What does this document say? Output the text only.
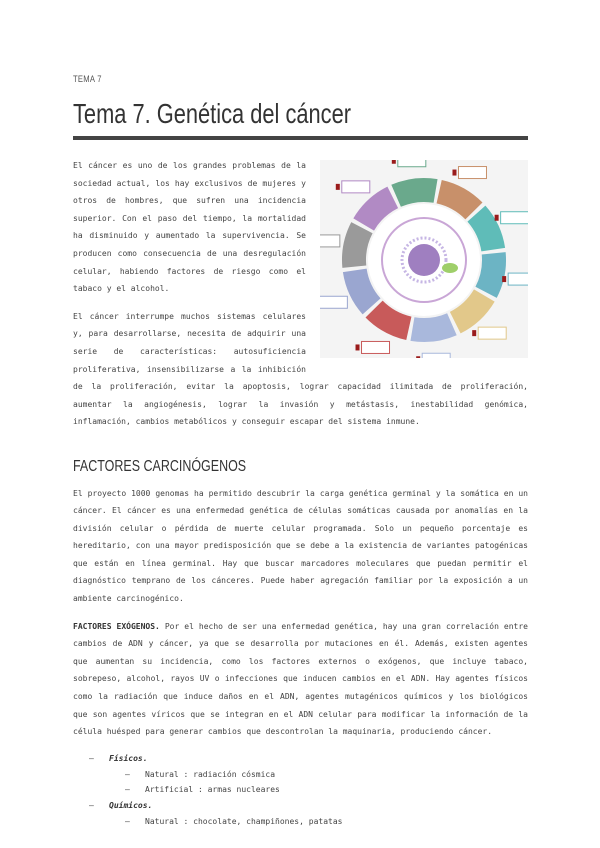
TEMA 7
Tema 7. Genética del cáncer

El cáncer es uno de los grandes problemas de la sociedad actual, los hay exclusivos de mujeres y otros de hombres, que sufren una incidencia superior. Con el paso del tiempo, la mortalidad ha disminuido y aumentado la supervivencia. Se producen como consecuencia de una desregulación celular, habiendo factores de riesgo como el tabaco y el alcohol.

El cáncer interrumpe muchos sistemas celulares y, para desarrollarse, necesita de adquirir una serie de características: autosuficiencia proliferativa, insensibilizarse a la inhibición de la proliferación, evitar la apoptosis, lograr capacidad ilimitada de proliferación, aumentar la angiogénesis, lograr la invasión y metástasis, inestabilidad genómica, inflamación, cambios metabólicos y conseguir escapar del sistema inmune.

FACTORES CARCINÓGENOS

El proyecto 1000 genomas ha permitido descubrir la carga genética germinal y la somática en un cáncer. El cáncer es una enfermedad genética de células somáticas causada por anomalías en la división celular o pérdida de muerte celular programada. Solo un pequeño porcentaje es hereditario, con una mayor predisposición que se debe a la existencia de variantes patogénicas que están en línea germinal. Hay que buscar marcadores moleculares que puedan permitir el diagnóstico temprano de los cánceres. Puede haber agregación familiar por la exposición a un ambiente carcinogénico.

FACTORES EXÓGENOS. Por el hecho de ser una enfermedad genética, hay una gran correlación entre cambios de ADN y cáncer, ya que se desarrolla por mutaciones en él. Además, existen agentes que aumentan su incidencia, como los factores externos o exógenos, que incluye tabaco, sobrepeso, alcohol, rayos UV o infecciones que inducen cambios en el ADN. Hay agentes físicos como la radiación que induce daños en el ADN, agentes mutagénicos químicos y los biológicos que son agentes víricos que se integran en el ADN celular para modificar la información de la célula huésped para generar cambios que descontrolan la maquinaria, produciendo cáncer.

– Físicos.
– Natural : radiación cósmica
– Artificial : armas nucleares
– Químicos.
– Natural : chocolate, champiñones, patatas
